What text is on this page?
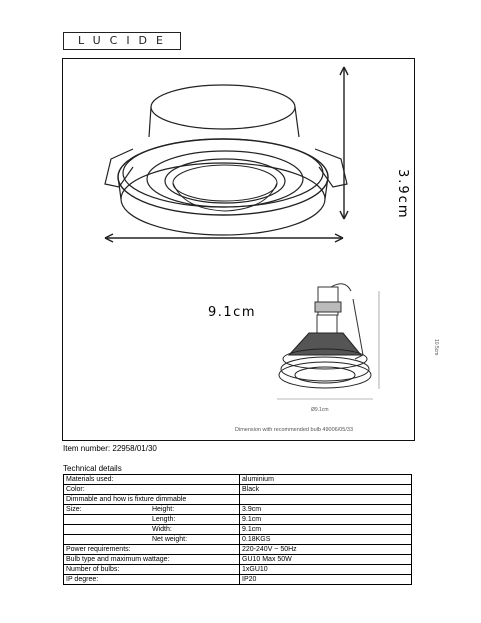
LUCIDE
9.1cm
3.9cm
Ø9.1cm
10.5cm
Dimension with recommended bulb 49006/05/33
Item number: 22958/01/30
Technical details
Materials used:	aluminium
Color:	Black
Dimmable and how is fixture dimmable	
Size: Height:	3.9cm
Length:	9.1cm
Width:	9.1cm
Net weight:	0.18KGS
Power requirements:	220-240V ~ 50Hz
Bulb type and maximum wattage:	GU10 Max 50W
Number of bulbs:	1xGU10
IP degree:	IP20
